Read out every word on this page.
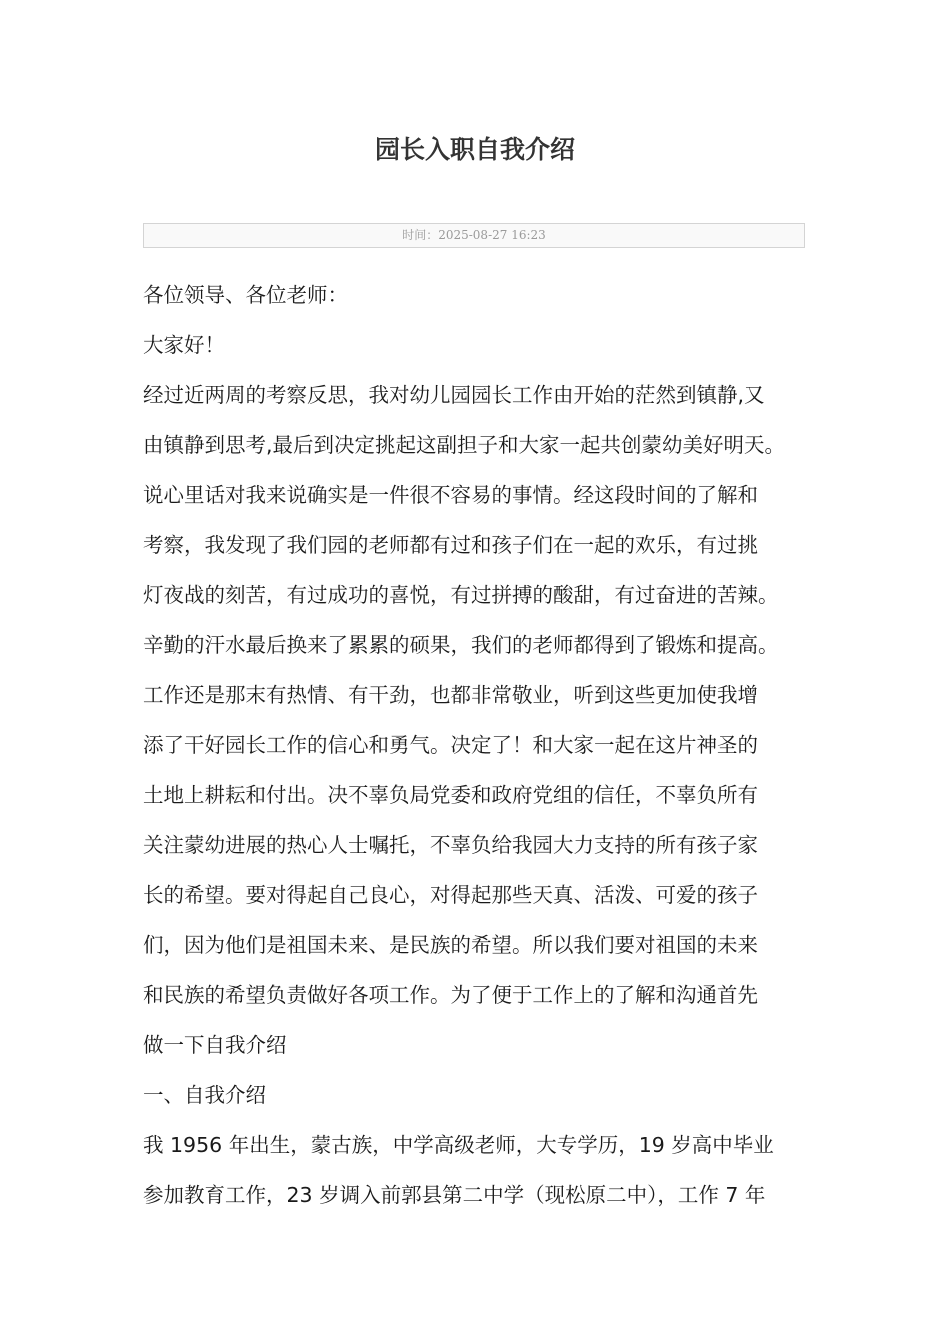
园长入职自我介绍
时间：2025-08-27 16:23

各位领导、各位老师：

大家好！

经过近两周的考察反思，我对幼儿园园长工作由开始的茫然到镇静,又

由镇静到思考,最后到决定挑起这副担子和大家一起共创蒙幼美好明天。

说心里话对我来说确实是一件很不容易的事情。经这段时间的了解和

考察，我发现了我们园的老师都有过和孩子们在一起的欢乐，有过挑

灯夜战的刻苦，有过成功的喜悦，有过拼搏的酸甜，有过奋进的苦辣。

辛勤的汗水最后换来了累累的硕果，我们的老师都得到了锻炼和提高。

工作还是那末有热情、有干劲，也都非常敬业，听到这些更加使我增

添了干好园长工作的信心和勇气。决定了！和大家一起在这片神圣的

土地上耕耘和付出。决不辜负局党委和政府党组的信任，不辜负所有

关注蒙幼进展的热心人士嘱托，不辜负给我园大力支持的所有孩子家

长的希望。要对得起自己良心，对得起那些天真、活泼、可爱的孩子

们，因为他们是祖国未来、是民族的希望。所以我们要对祖国的未来

和民族的希望负责做好各项工作。为了便于工作上的了解和沟通首先

做一下自我介绍

一、自我介绍

我 1956 年出生，蒙古族，中学高级老师，大专学历，19 岁高中毕业

参加教育工作，23 岁调入前郭县第二中学（现松原二中），工作 7 年
